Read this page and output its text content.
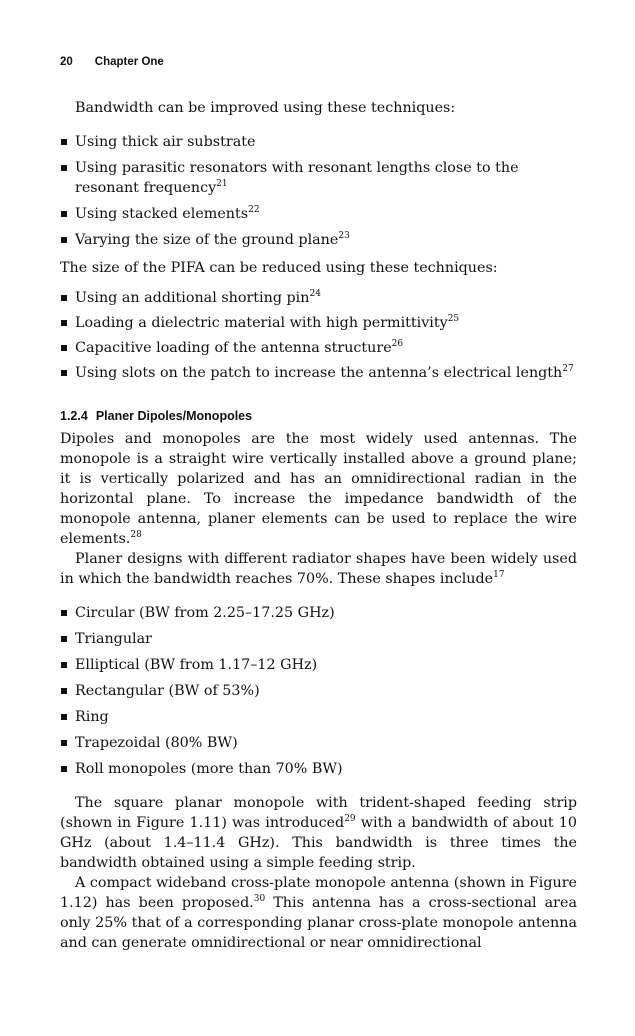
20 Chapter One

Bandwidth can be improved using these techniques:

Using thick air substrate
Using parasitic resonators with resonant lengths close to the resonant frequency$^{21}$
Using stacked elements$^{22}$
Varying the size of the ground plane$^{23}$

The size of the PIFA can be reduced using these techniques:

Using an additional shorting pin$^{24}$
Loading a dielectric material with high permittivity$^{25}$
Capacitive loading of the antenna structure$^{26}$
Using slots on the patch to increase the antenna’s electrical length$^{27}$
1.2.4 Planer Dipoles/Monopoles

Dipoles and monopoles are the most widely used antennas. The monopole is a straight wire vertically installed above a ground plane; it is vertically polarized and has an omnidirectional radian in the horizontal plane. To increase the impedance bandwidth of the monopole antenna, planer elements can be used to replace the wire elements.$^{28}$

Planer designs with different radiator shapes have been widely used in which the bandwidth reaches 70%. These shapes include$^{17}$

Circular (BW from 2.25–17.25 GHz)
Triangular
Elliptical (BW from 1.17–12 GHz)
Rectangular (BW of 53%)
Ring
Trapezoidal (80% BW)
Roll monopoles (more than 70% BW)

The square planar monopole with trident-shaped feeding strip (shown in Figure 1.11) was introduced$^{29}$ with a bandwidth of about 10 GHz (about 1.4–11.4 GHz). This bandwidth is three times the bandwidth obtained using a simple feeding strip.

A compact wideband cross-plate monopole antenna (shown in Figure 1.12) has been proposed.$^{30}$ This antenna has a cross-sectional area only 25% that of a corresponding planar cross-plate monopole antenna and can generate omnidirectional or near omnidirectional
